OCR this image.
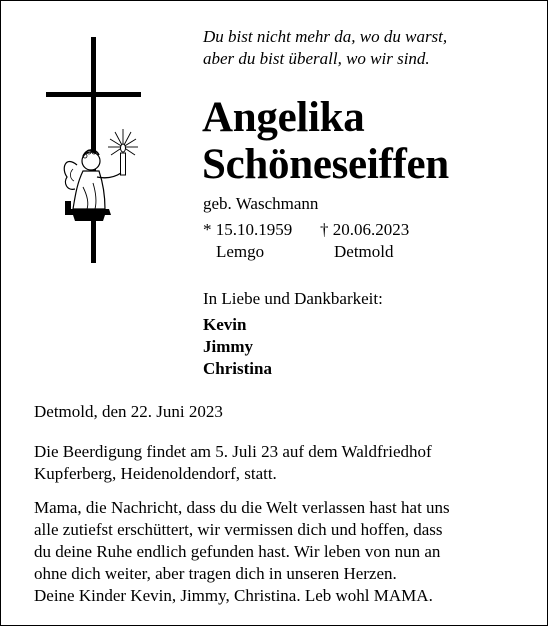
Du bist nicht mehr da, wo du warst,
aber du bist überall, wo wir sind.
Angelika
Schöneseiffen
geb. Waschmann
* 15.10.1959 † 20.06.2023
Lemgo	Detmold
In Liebe und Dankbarkeit:
Kevin
Jimmy
Christina
Detmold, den 22. Juni 2023
Die Beerdigung findet am 5. Juli 23 auf dem Waldfriedhof
Kupferberg, Heidenoldendorf, statt.
Mama, die Nachricht, dass du die Welt verlassen hast hat uns
alle zutiefst erschüttert, wir vermissen dich und hoffen, dass
du deine Ruhe endlich gefunden hast. Wir leben von nun an
ohne dich weiter, aber tragen dich in unseren Herzen.
Deine Kinder Kevin, Jimmy, Christina. Leb wohl MAMA.
